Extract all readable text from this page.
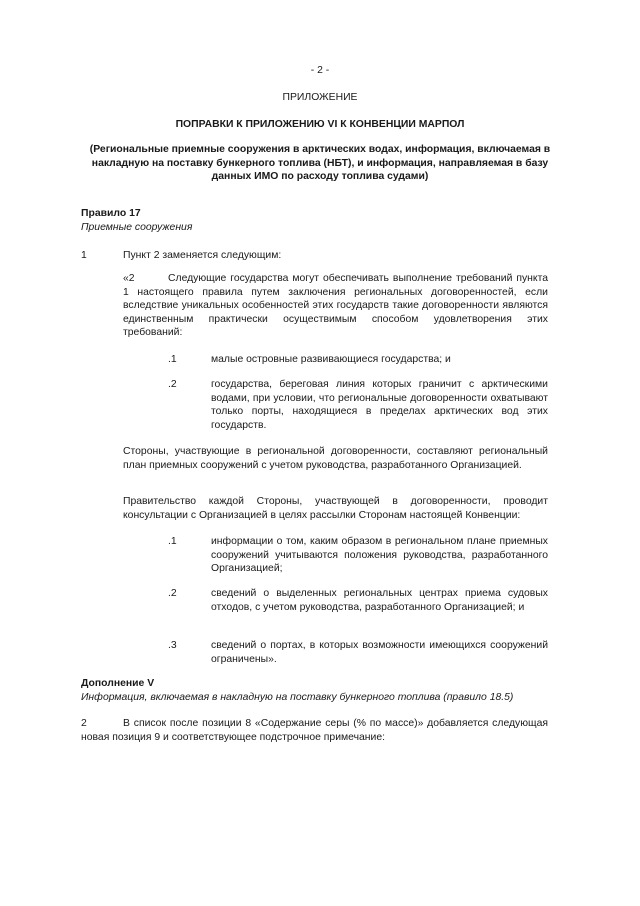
- 2 -
ПРИЛОЖЕНИЕ
ПОПРАВКИ К ПРИЛОЖЕНИЮ VI К КОНВЕНЦИИ МАРПОЛ
(Региональные приемные сооружения в арктических водах, информация, включаемая в накладную на поставку бункерного топлива (НБТ), и информация, направляемая в базу данных ИМО по расходу топлива судами)
Правило 17
Приемные сооружения
1	Пункт 2 заменяется следующим:
«2	Следующие государства могут обеспечивать выполнение требований пункта 1 настоящего правила путем заключения региональных договоренностей, если вследствие уникальных особенностей этих государств такие договоренности являются единственным практически осуществимым способом удовлетворения этих требований:
.1	малые островные развивающиеся государства; и
.2	государства, береговая линия которых граничит с арктическими водами, при условии, что региональные договоренности охватывают только порты, находящиеся в пределах арктических вод этих государств.
Стороны, участвующие в региональной договоренности, составляют региональный план приемных сооружений с учетом руководства, разработанного Организацией.
Правительство каждой Стороны, участвующей в договоренности, проводит консультации с Организацией в целях рассылки Сторонам настоящей Конвенции:
.1	информации о том, каким образом в региональном плане приемных сооружений учитываются положения руководства, разработанного Организацией;
.2	сведений о выделенных региональных центрах приема судовых отходов, с учетом руководства, разработанного Организацией; и
.3	сведений о портах, в которых возможности имеющихся сооружений ограничены».
Дополнение V
Информация, включаемая в накладную на поставку бункерного топлива (правило 18.5)
2	В список после позиции 8 «Содержание серы (% по массе)» добавляется следующая новая позиция 9 и соответствующее подстрочное примечание:
